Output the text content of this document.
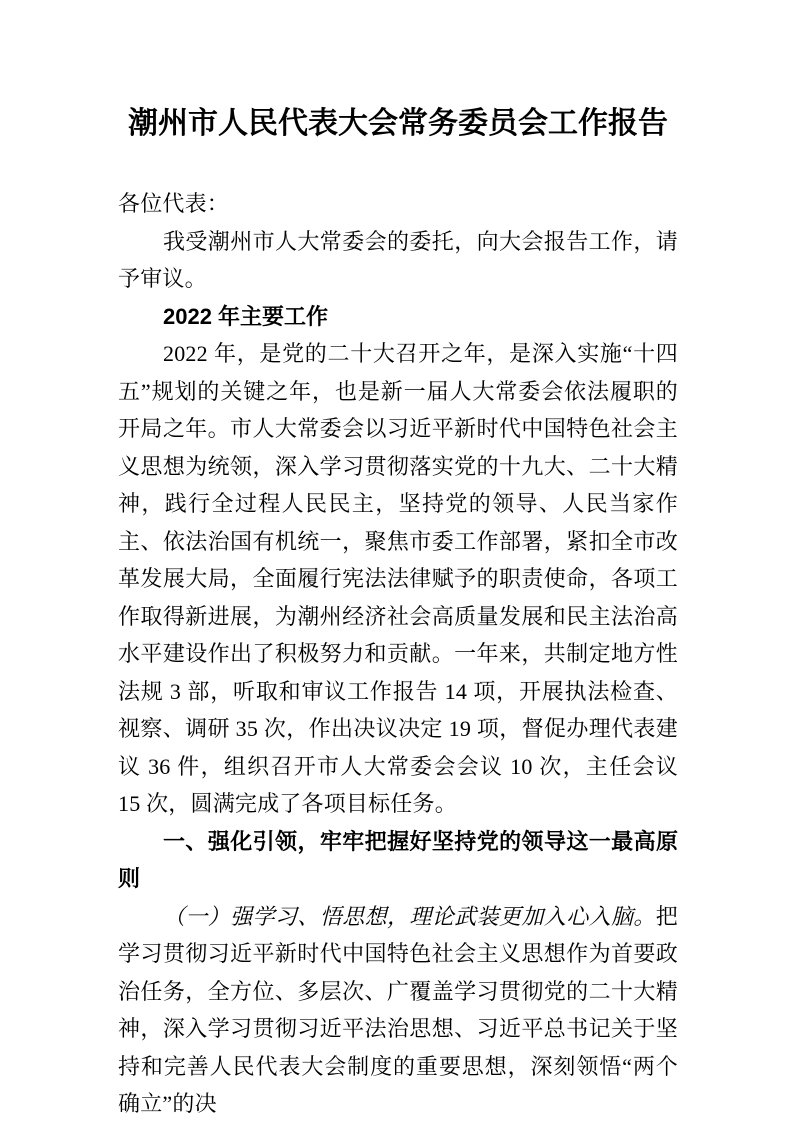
潮州市人民代表大会常务委员会工作报告

各位代表：

我受潮州市人大常委会的委托，向大会报告工作，请予审议。

2022 年主要工作

2022 年，是党的二十大召开之年，是深入实施“十四五”规划的关键之年，也是新一届人大常委会依法履职的开局之年。市人大常委会以习近平新时代中国特色社会主义思想为统领，深入学习贯彻落实党的十九大、二十大精神，践行全过程人民民主，坚持党的领导、人民当家作主、依法治国有机统一，聚焦市委工作部署，紧扣全市改革发展大局，全面履行宪法法律赋予的职责使命，各项工作取得新进展，为潮州经济社会高质量发展和民主法治高水平建设作出了积极努力和贡献。一年来，共制定地方性法规 3 部，听取和审议工作报告 14 项，开展执法检查、视察、调研 35 次，作出决议决定 19 项，督促办理代表建议 36 件，组织召开市人大常委会会议 10 次，主任会议 15 次，圆满完成了各项目标任务。

一、强化引领，牢牢把握好坚持党的领导这一最高原则

（一）强学习、悟思想，理论武装更加入心入脑。把学习贯彻习近平新时代中国特色社会主义思想作为首要政治任务，全方位、多层次、广覆盖学习贯彻党的二十大精神，深入学习贯彻习近平法治思想、习近平总书记关于坚持和完善人民代表大会制度的重要思想，深刻领悟“两个确立”的决
